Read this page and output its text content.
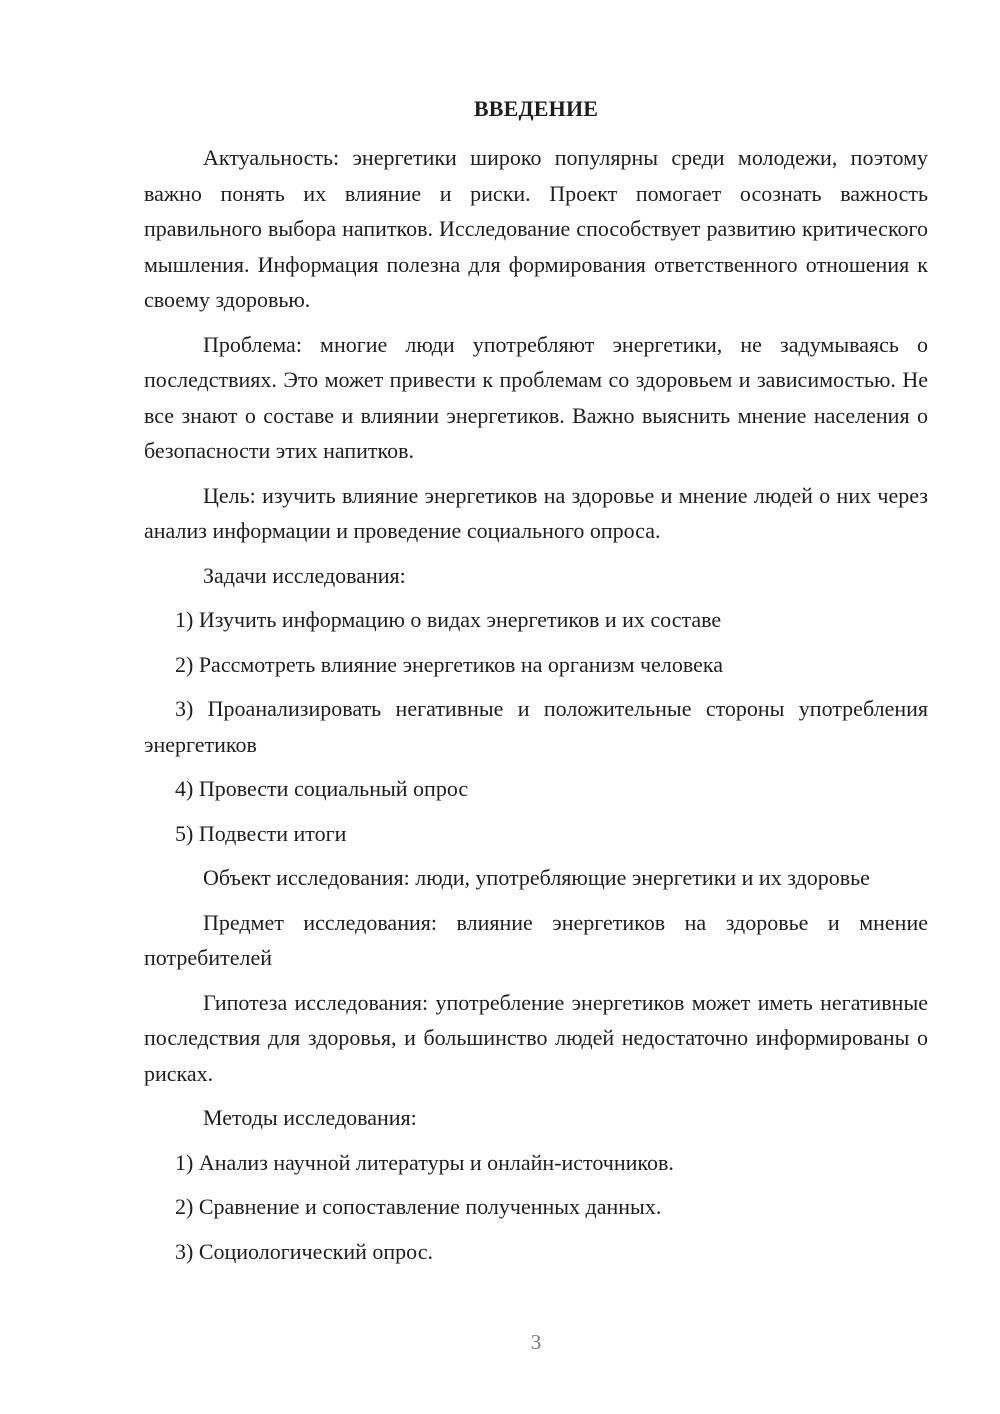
ВВЕДЕНИЕ

Актуальность: энергетики широко популярны среди молодежи, поэтому важно понять их влияние и риски. Проект помогает осознать важность правильного выбора напитков. Исследование способствует развитию критического мышления. Информация полезна для формирования ответственного отношения к своему здоровью.

Проблема: многие люди употребляют энергетики, не задумываясь о последствиях. Это может привести к проблемам со здоровьем и зависимостью. Не все знают о составе и влиянии энергетиков. Важно выяснить мнение населения о безопасности этих напитков.

Цель: изучить влияние энергетиков на здоровье и мнение людей о них через анализ информации и проведение социального опроса.

Задачи исследования:

1) Изучить информацию о видах энергетиков и их составе

2) Рассмотреть влияние энергетиков на организм человека

3) Проанализировать негативные и положительные стороны употребления энергетиков

4) Провести социальный опрос

5) Подвести итоги

Объект исследования: люди, употребляющие энергетики и их здоровье

Предмет исследования: влияние энергетиков на здоровье и мнение потребителей

Гипотеза исследования: употребление энергетиков может иметь негативные последствия для здоровья, и большинство людей недостаточно информированы о рисках.

Методы исследования:

1) Анализ научной литературы и онлайн-источников.

2) Сравнение и сопоставление полученных данных.

3) Социологический опрос.

3
